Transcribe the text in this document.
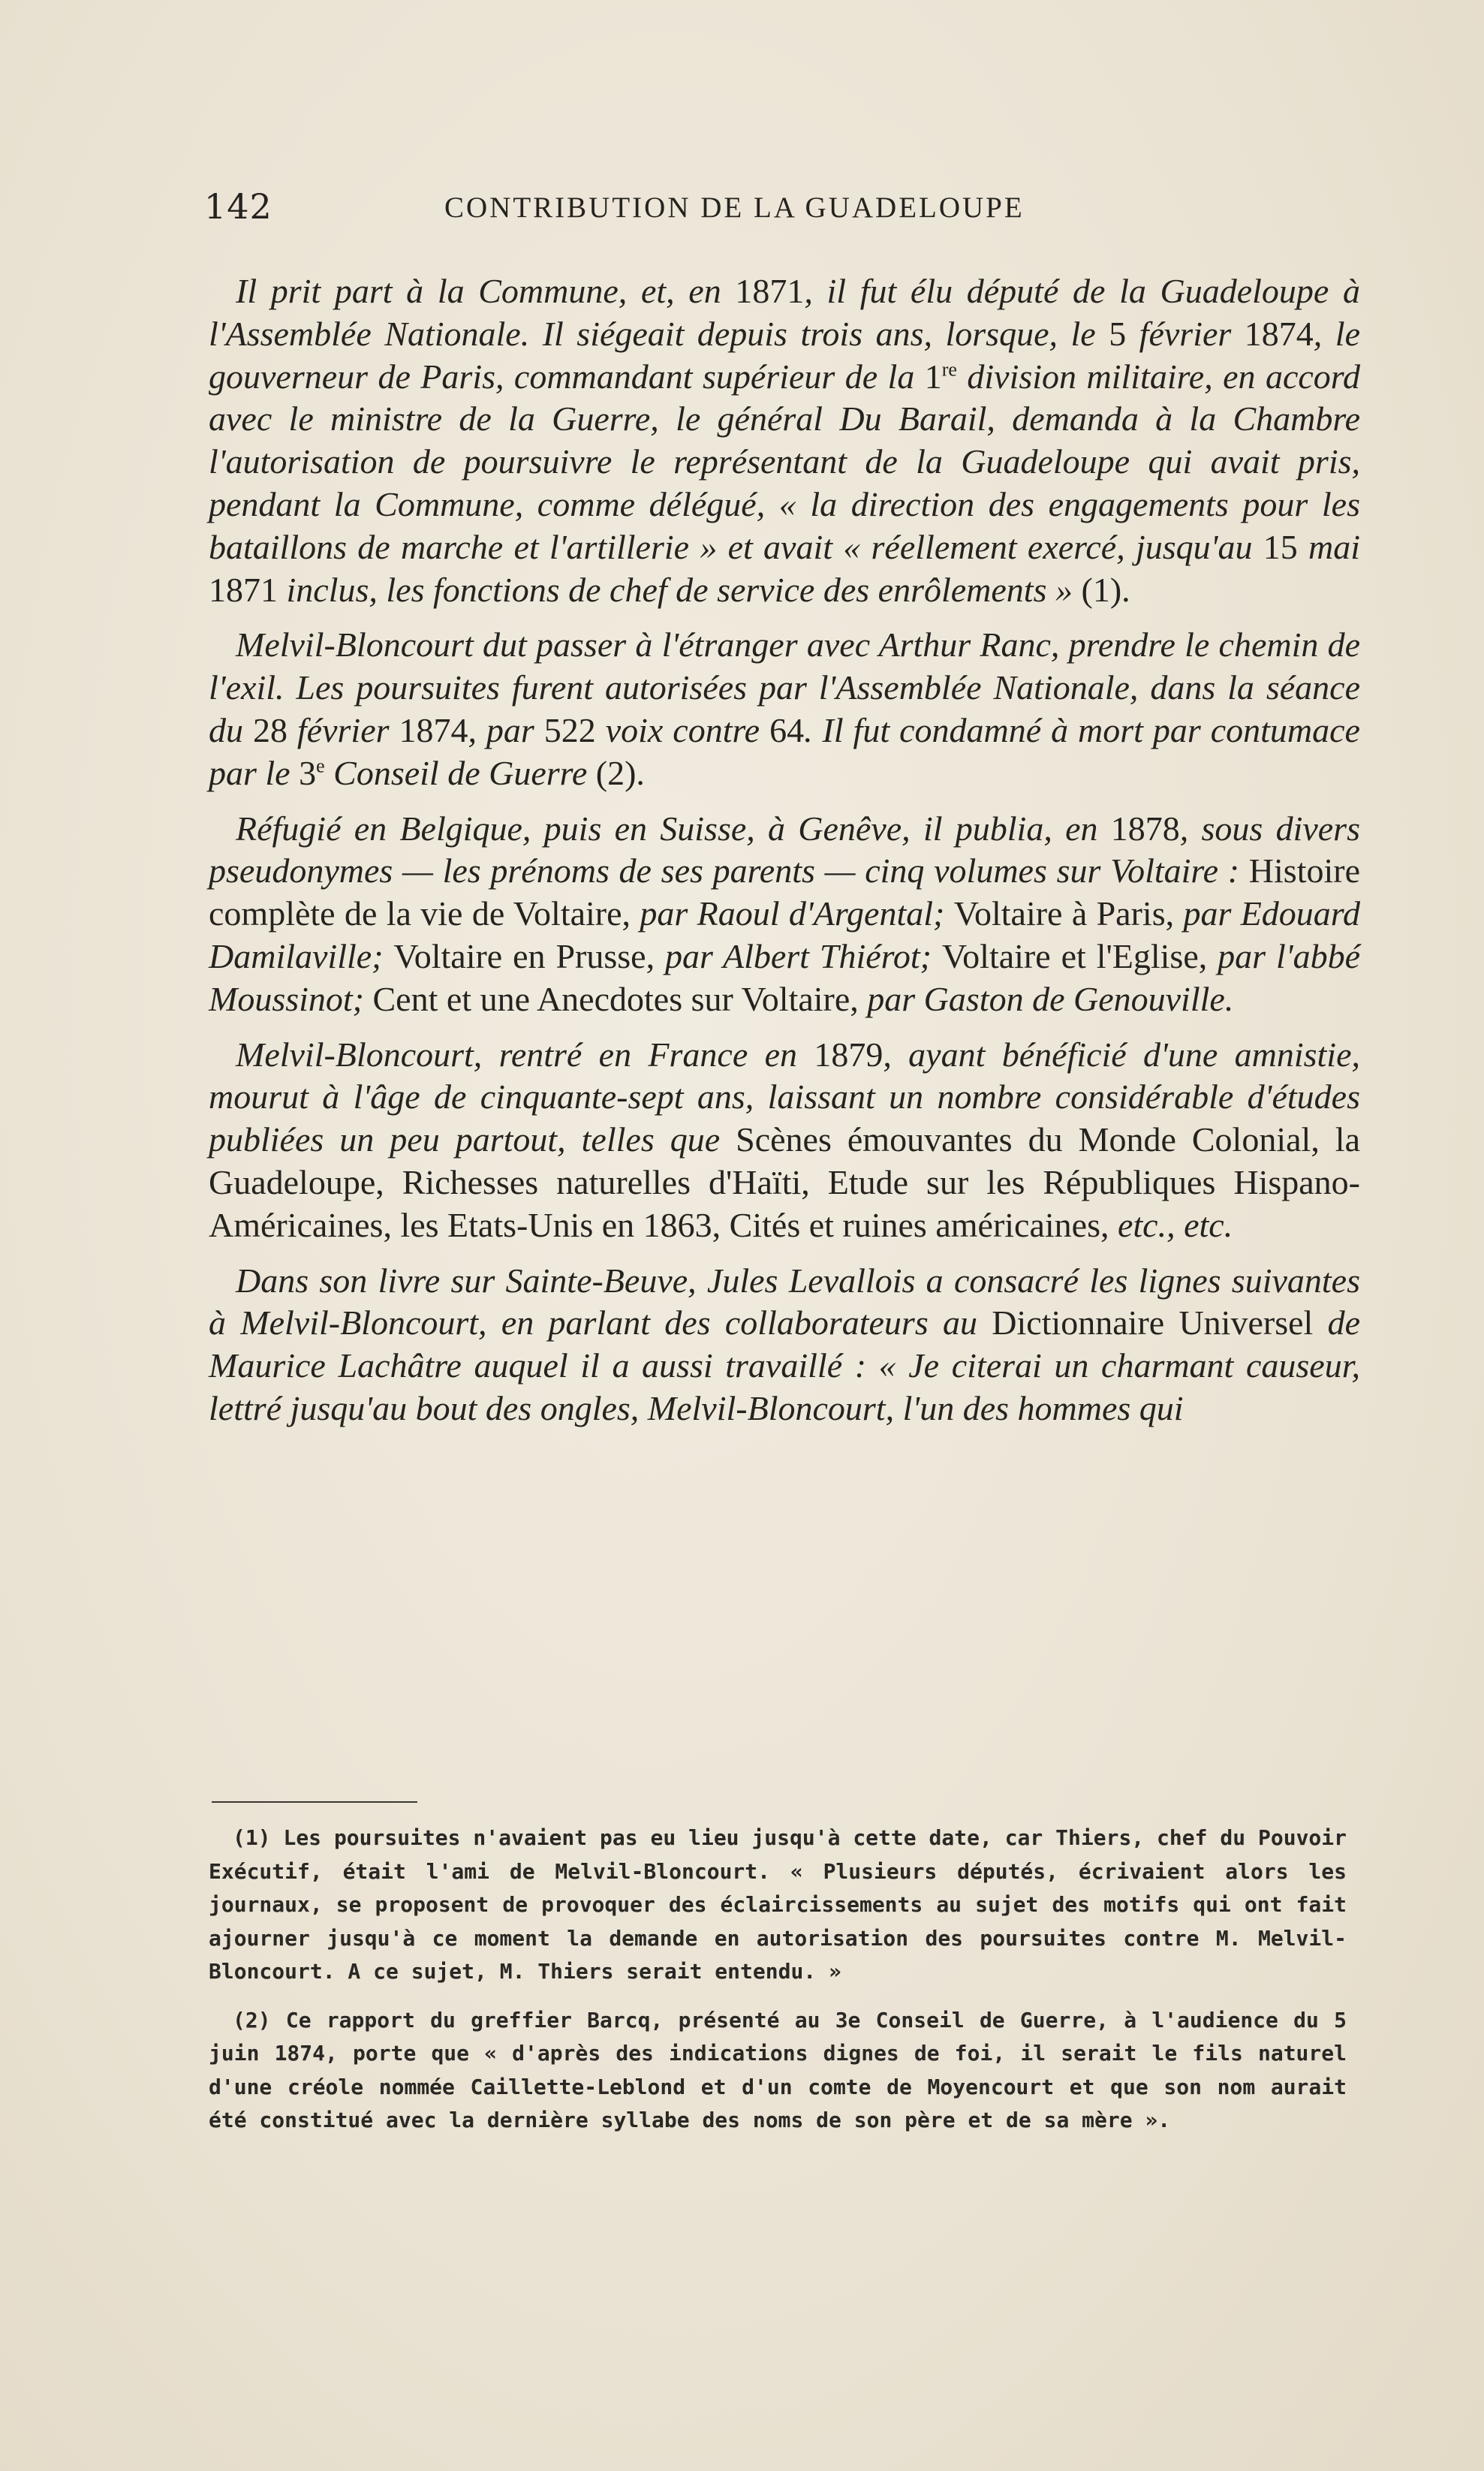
142	CONTRIBUTION DE LA GUADELOUPE

Il prit part à la Commune, et, en 1871, il fut élu député de la Guadeloupe à l'Assemblée Nationale. Il siégeait depuis trois ans, lorsque, le 5 février 1874, le gouverneur de Paris, commandant supérieur de la 1re division militaire, en accord avec le ministre de la Guerre, le général Du Barail, demanda à la Chambre l'autorisation de poursuivre le représentant de la Guadeloupe qui avait pris, pendant la Commune, comme délégué, « la direction des engagements pour les bataillons de marche et l'artillerie » et avait « réellement exercé, jusqu'au 15 mai 1871 inclus, les fonctions de chef de service des enrôlements » (1).

Melvil-Bloncourt dut passer à l'étranger avec Arthur Ranc, prendre le chemin de l'exil. Les poursuites furent autorisées par l'Assemblée Nationale, dans la séance du 28 février 1874, par 522 voix contre 64. Il fut condamné à mort par contumace par le 3e Conseil de Guerre (2).

Réfugié en Belgique, puis en Suisse, à Genêve, il publia, en 1878, sous divers pseudonymes — les prénoms de ses parents — cinq volumes sur Voltaire : Histoire complète de la vie de Voltaire, par Raoul d'Argental; Voltaire à Paris, par Edouard Damilaville; Voltaire en Prusse, par Albert Thiérot; Voltaire et l'Eglise, par l'abbé Moussinot; Cent et une Anecdotes sur Voltaire, par Gaston de Genouville.

Melvil-Bloncourt, rentré en France en 1879, ayant bénéficié d'une amnistie, mourut à l'âge de cinquante-sept ans, laissant un nombre considérable d'études publiées un peu partout, telles que Scènes émouvantes du Monde Colonial, la Guadeloupe, Richesses naturelles d'Haïti, Etude sur les Républiques Hispano-Américaines, les Etats-Unis en 1863, Cités et ruines américaines, etc., etc.

Dans son livre sur Sainte-Beuve, Jules Levallois a consacré les lignes suivantes à Melvil-Bloncourt, en parlant des collaborateurs au Dictionnaire Universel de Maurice Lachâtre auquel il a aussi travaillé : « Je citerai un charmant causeur, lettré jusqu'au bout des ongles, Melvil-Bloncourt, l'un des hommes qui

(1) Les poursuites n'avaient pas eu lieu jusqu'à cette date, car Thiers, chef du Pouvoir Exécutif, était l'ami de Melvil-Bloncourt. « Plusieurs députés, écrivaient alors les journaux, se proposent de provoquer des éclaircissements au sujet des motifs qui ont fait ajourner jusqu'à ce moment la demande en autorisation des poursuites contre M. Melvil-Bloncourt. A ce sujet, M. Thiers serait entendu. »

(2) Ce rapport du greffier Barcq, présenté au 3e Conseil de Guerre, à l'audience du 5 juin 1874, porte que « d'après des indications dignes de foi, il serait le fils naturel d'une créole nommée Caillette-Leblond et d'un comte de Moyencourt et que son nom aurait été constitué avec la dernière syllabe des noms de son père et de sa mère ».
